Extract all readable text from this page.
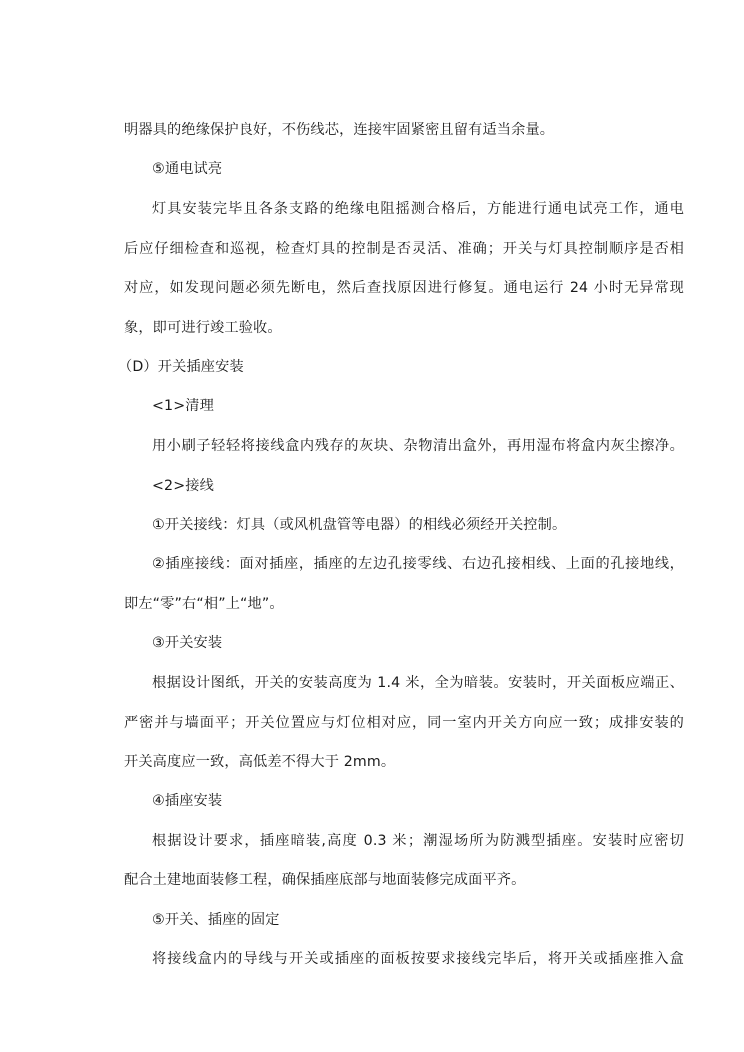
明器具的绝缘保护良好，不伤线芯，连接牢固紧密且留有适当余量。
⑤通电试亮
灯具安装完毕且各条支路的绝缘电阻摇测合格后，方能进行通电试亮工作，通电
后应仔细检查和巡视，检查灯具的控制是否灵活、准确；开关与灯具控制顺序是否相
对应，如发现问题必须先断电，然后查找原因进行修复。通电运行 24 小时无异常现
象，即可进行竣工验收。
（D）开关插座安装
<1>清理
用小刷子轻轻将接线盒内残存的灰块、杂物清出盒外，再用湿布将盒内灰尘擦净。
<2>接线
①开关接线：灯具（或风机盘管等电器）的相线必须经开关控制。
②插座接线：面对插座，插座的左边孔接零线、右边孔接相线、上面的孔接地线，
即左“零”右“相”上“地”。
③开关安装
根据设计图纸，开关的安装高度为 1.4 米，全为暗装。安装时，开关面板应端正、
严密并与墙面平；开关位置应与灯位相对应，同一室内开关方向应一致；成排安装的
开关高度应一致，高低差不得大于 2mm。
④插座安装
根据设计要求，插座暗装,高度 0.3 米；潮湿场所为防溅型插座。安装时应密切
配合土建地面装修工程，确保插座底部与地面装修完成面平齐。
⑤开关、插座的固定
将接线盒内的导线与开关或插座的面板按要求接线完毕后，将开关或插座推入盒
